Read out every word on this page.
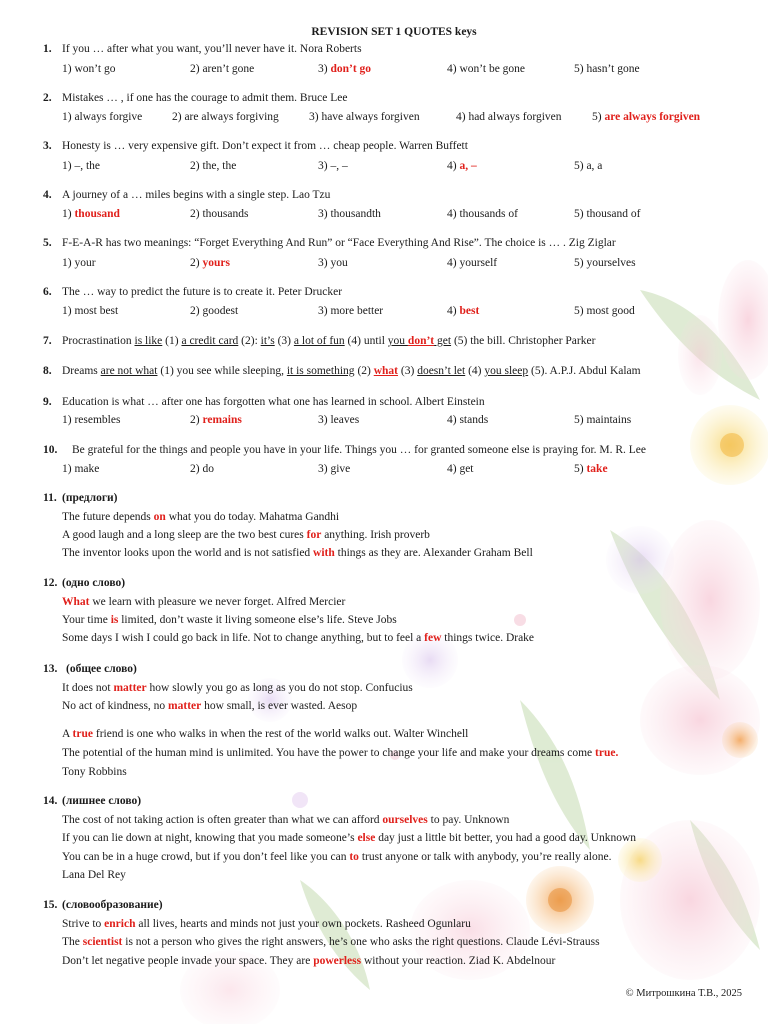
REVISION SET 1 QUOTES keys
1. If you … after what you want, you’ll never have it. Nora Roberts
1) won’t go	2) aren’t gone	3) don’t go	4) won’t be gone	5) hasn’t gone
2. Mistakes … , if one has the courage to admit them. Bruce Lee
1) always forgive	2) are always forgiving	3) have always forgiven	4) had always forgiven	5) are always forgiven
3. Honesty is … very expensive gift. Don’t expect it from … cheap people. Warren Buffett
1) –, the	2) the, the	3) –, –	4) a, –	5) a, a
4. A journey of a … miles begins with a single step. Lao Tzu
1) thousand	2) thousands	3) thousandth	4) thousands of	5) thousand of
5. F-E-A-R has two meanings: “Forget Everything And Run” or “Face Everything And Rise”. The choice is … . Zig Ziglar
1) your	2) yours	3) you	4) yourself	5) yourselves
6. The … way to predict the future is to create it. Peter Drucker
1) most best	2) goodest	3) more better	4) best	5) most good
7. Procrastination is like (1) a credit card (2): it’s (3) a lot of fun (4) until you don’t get (5) the bill. Christopher Parker
8. Dreams are not what (1) you see while sleeping, it is something (2) what (3) doesn’t let (4) you sleep (5). A.P.J. Abdul Kalam
9. Education is what … after one has forgotten what one has learned in school. Albert Einstein
1) resembles	2) remains	3) leaves	4) stands	5) maintains
10. Be grateful for the things and people you have in your life. Things you … for granted someone else is praying for. M. R. Lee
1) make	2) do	3) give	4) get	5) take
11. (предлоги)
The future depends on what you do today. Mahatma Gandhi
A good laugh and a long sleep are the two best cures for anything. Irish proverb
The inventor looks upon the world and is not satisfied with things as they are. Alexander Graham Bell
12. (одно слово)
What we learn with pleasure we never forget. Alfred Mercier
Your time is limited, don’t waste it living someone else’s life. Steve Jobs
Some days I wish I could go back in life. Not to change anything, but to feel a few things twice. Drake
13. (общее слово)
It does not matter how slowly you go as long as you do not stop. Confucius
No act of kindness, no matter how small, is ever wasted. Aesop
A true friend is one who walks in when the rest of the world walks out. Walter Winchell
The potential of the human mind is unlimited. You have the power to change your life and make your dreams come true.
Tony Robbins
14. (лишнее слово)
The cost of not taking action is often greater than what we can afford ourselves to pay. Unknown
If you can lie down at night, knowing that you made someone’s else day just a little bit better, you had a good day. Unknown
You can be in a huge crowd, but if you don’t feel like you can to trust anyone or talk with anybody, you’re really alone.
Lana Del Rey
15. (словообразование)
Strive to enrich all lives, hearts and minds not just your own pockets. Rasheed Ogunlaru
The scientist is not a person who gives the right answers, he’s one who asks the right questions. Claude Lévi-Strauss
Don’t let negative people invade your space. They are powerless without your reaction. Ziad K. Abdelnour
© Митрошкина Т.В., 2025
